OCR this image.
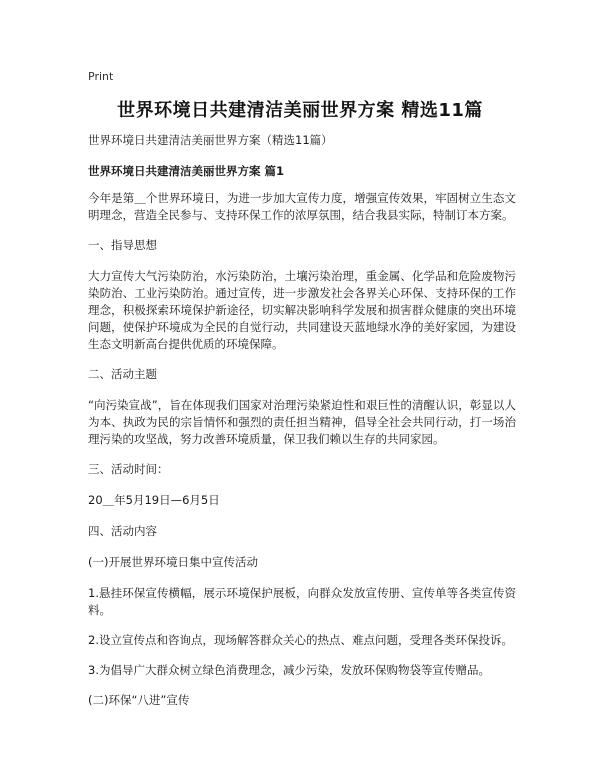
Print
世界环境日共建清洁美丽世界方案 精选11篇

世界环境日共建清洁美丽世界方案（精选11篇）

世界环境日共建清洁美丽世界方案 篇1

今年是第＿个世界环境日，为进一步加大宣传力度，增强宣传效果，牢固树立生态文明理念，营造全民参与、支持环保工作的浓厚氛围，结合我县实际，特制订本方案。

一、指导思想

大力宣传大气污染防治，水污染防治，土壤污染治理，重金属、化学品和危险废物污染防治、工业污染防治。通过宣传，进一步激发社会各界关心环保、支持环保的工作理念，积极探索环境保护新途径，切实解决影响科学发展和损害群众健康的突出环境问题，使保护环境成为全民的自觉行动，共同建设天蓝地绿水净的美好家园，为建设生态文明新高台提供优质的环境保障。

二、活动主题

“向污染宣战”，旨在体现我们国家对治理污染紧迫性和艰巨性的清醒认识，彰显以人为本、执政为民的宗旨情怀和强烈的责任担当精神，倡导全社会共同行动，打一场治理污染的攻坚战，努力改善环境质量，保卫我们赖以生存的共同家园。

三、活动时间：

20＿年5月19日—6月5日

四、活动内容

(一)开展世界环境日集中宣传活动

1.悬挂环保宣传横幅，展示环境保护展板，向群众发放宣传册、宣传单等各类宣传资料。

2.设立宣传点和咨询点，现场解答群众关心的热点、难点问题，受理各类环保投诉。

3.为倡导广大群众树立绿色消费理念，减少污染，发放环保购物袋等宣传赠品。

(二)环保“八进”宣传
